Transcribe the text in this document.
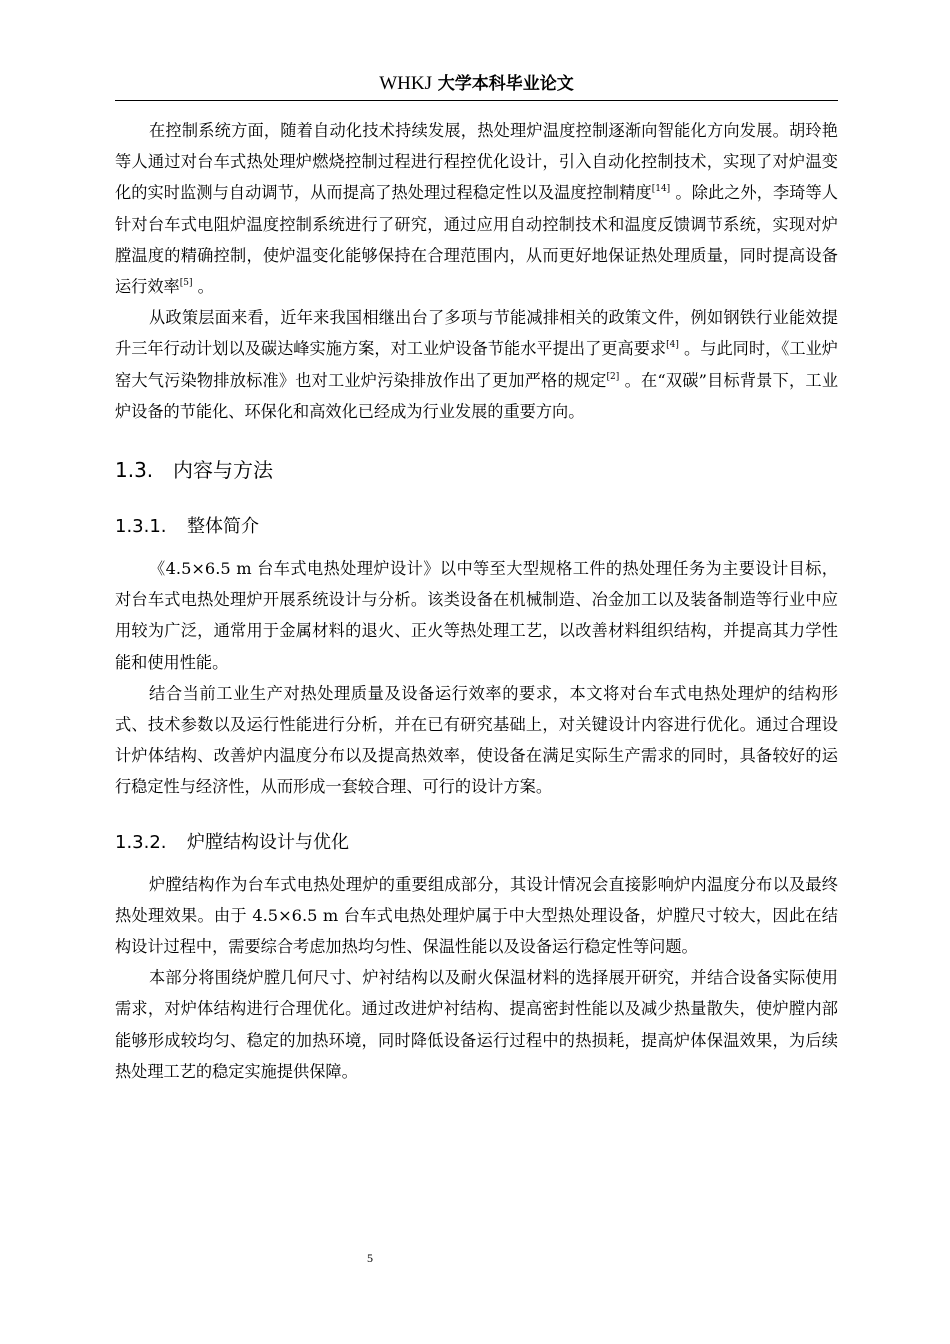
WHKJ 大学本科毕业论文

在控制系统方面，随着自动化技术持续发展，热处理炉温度控制逐渐向智能化方向发展。胡玲艳等人通过对台车式热处理炉燃烧控制过程进行程控优化设计，引入自动化控制技术，实现了对炉温变化的实时监测与自动调节，从而提高了热处理过程稳定性以及温度控制精度[14] 。除此之外，李琦等人针对台车式电阻炉温度控制系统进行了研究，通过应用自动控制技术和温度反馈调节系统，实现对炉膛温度的精确控制，使炉温变化能够保持在合理范围内，从而更好地保证热处理质量，同时提高设备运行效率[5] 。

从政策层面来看，近年来我国相继出台了多项与节能减排相关的政策文件，例如钢铁行业能效提升三年行动计划以及碳达峰实施方案，对工业炉设备节能水平提出了更高要求[4] 。与此同时，《工业炉窑大气污染物排放标准》也对工业炉污染排放作出了更加严格的规定[2] 。在“双碳”目标背景下，工业炉设备的节能化、环保化和高效化已经成为行业发展的重要方向。

1.3. 内容与方法
1.3.1. 整体简介

《4.5×6.5 m 台车式电热处理炉设计》以中等至大型规格工件的热处理任务为主要设计目标，对台车式电热处理炉开展系统设计与分析。该类设备在机械制造、冶金加工以及装备制造等行业中应用较为广泛，通常用于金属材料的退火、正火等热处理工艺，以改善材料组织结构，并提高其力学性能和使用性能。

结合当前工业生产对热处理质量及设备运行效率的要求，本文将对台车式电热处理炉的结构形式、技术参数以及运行性能进行分析，并在已有研究基础上，对关键设计内容进行优化。通过合理设计炉体结构、改善炉内温度分布以及提高热效率，使设备在满足实际生产需求的同时，具备较好的运行稳定性与经济性，从而形成一套较合理、可行的设计方案。

1.3.2. 炉膛结构设计与优化

炉膛结构作为台车式电热处理炉的重要组成部分，其设计情况会直接影响炉内温度分布以及最终热处理效果。由于 4.5×6.5 m 台车式电热处理炉属于中大型热处理设备，炉膛尺寸较大，因此在结构设计过程中，需要综合考虑加热均匀性、保温性能以及设备运行稳定性等问题。

本部分将围绕炉膛几何尺寸、炉衬结构以及耐火保温材料的选择展开研究，并结合设备实际使用需求，对炉体结构进行合理优化。通过改进炉衬结构、提高密封性能以及减少热量散失，使炉膛内部能够形成较均匀、稳定的加热环境，同时降低设备运行过程中的热损耗，提高炉体保温效果，为后续热处理工艺的稳定实施提供保障。

5
